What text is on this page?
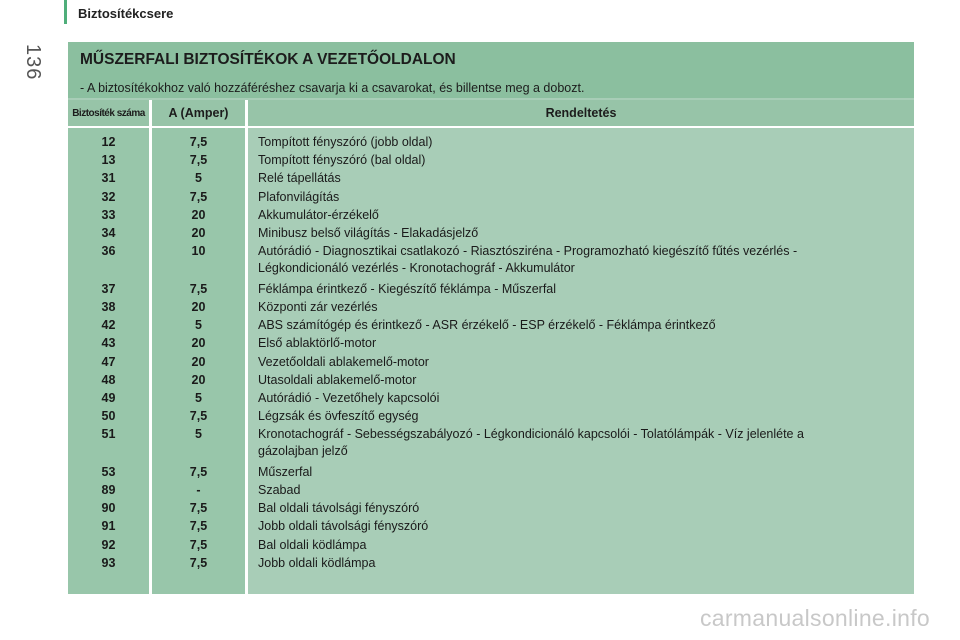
136
Biztosítékcsere
MŰSZERFALI BIZTOSÍTÉKOK A VEZETŐOLDALON
- A biztosítékokhoz való hozzáféréshez csavarja ki a csavarokat, és billentse meg a dobozt.
Biztosíték száma	A (Amper)	Rendeltetés
12	7,5	Tompított fényszóró (jobb oldal)
13	7,5	Tompított fényszóró (bal oldal)
31	5	Relé tápellátás
32	7,5	Plafonvilágítás
33	20	Akkumulátor-érzékelő
34	20	Minibusz belső világítás - Elakadásjelző
36	10	Autórádió - Diagnosztikai csatlakozó - Riasztósziréna - Programozható kiegészítő fűtés vezérlés -
Légkondicionáló vezérlés - Kronotachográf - Akkumulátor
37	7,5	Féklámpa érintkező - Kiegészítő féklámpa - Műszerfal
38	20	Központi zár vezérlés
42	5	ABS számítógép és érintkező - ASR érzékelő - ESP érzékelő - Féklámpa érintkező
43	20	Első ablaktörlő-motor
47	20	Vezetőoldali ablakemelő-motor
48	20	Utasoldali ablakemelő-motor
49	5	Autórádió - Vezetőhely kapcsolói
50	7,5	Légzsák és övfeszítő egység
51	5	Kronotachográf - Sebességszabályozó - Légkondicionáló kapcsolói - Tolatólámpák - Víz jelenléte a
gázolajban jelző
53	7,5	Műszerfal
89	-	Szabad
90	7,5	Bal oldali távolsági fényszóró
91	7,5	Jobb oldali távolsági fényszóró
92	7,5	Bal oldali ködlámpa
93	7,5	Jobb oldali ködlámpa
carmanualsonline.info
